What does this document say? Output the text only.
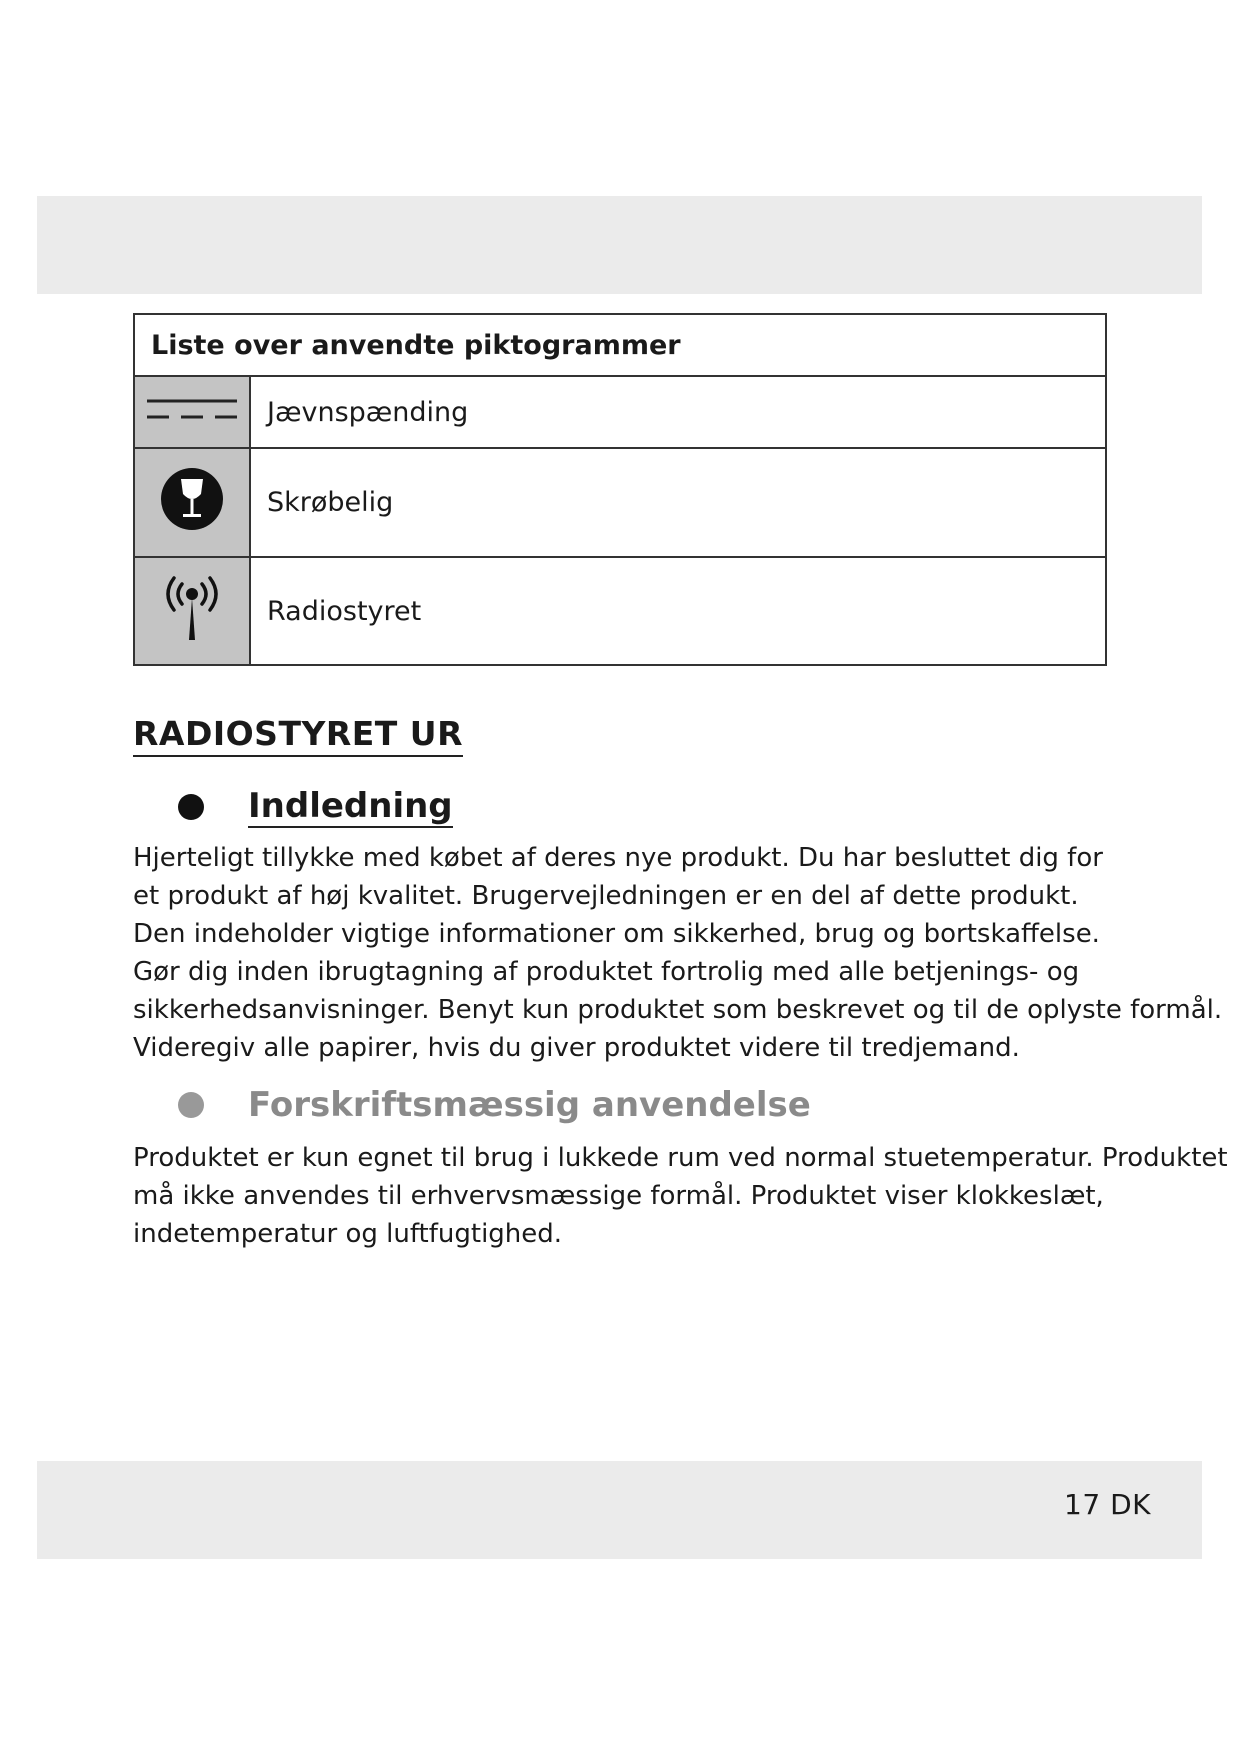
Liste over anvendte piktogrammer	
	Jævnspænding
	Skrøbelig
	Radiostyret
RADIOSTYRET UR
Indledning

Hjerteligt tillykke med købet af deres nye produkt. Du har besluttet dig for
et produkt af høj kvalitet. Brugervejledningen er en del af dette produkt.
Den indeholder vigtige informationer om sikkerhed, brug og bortskaffelse.
Gør dig inden ibrugtagning af produktet fortrolig med alle betjenings- og
sikkerhedsanvisninger. Benyt kun produktet som beskrevet og til de oplyste formål.
Videregiv alle papirer, hvis du giver produktet videre til tredjemand.

Forskriftsmæssig anvendelse

Produktet er kun egnet til brug i lukkede rum ved normal stuetemperatur. Produktet
må ikke anvendes til erhvervsmæssige formål. Produktet viser klokkeslæt,
indetemperatur og luftfugtighed.

17 DK
